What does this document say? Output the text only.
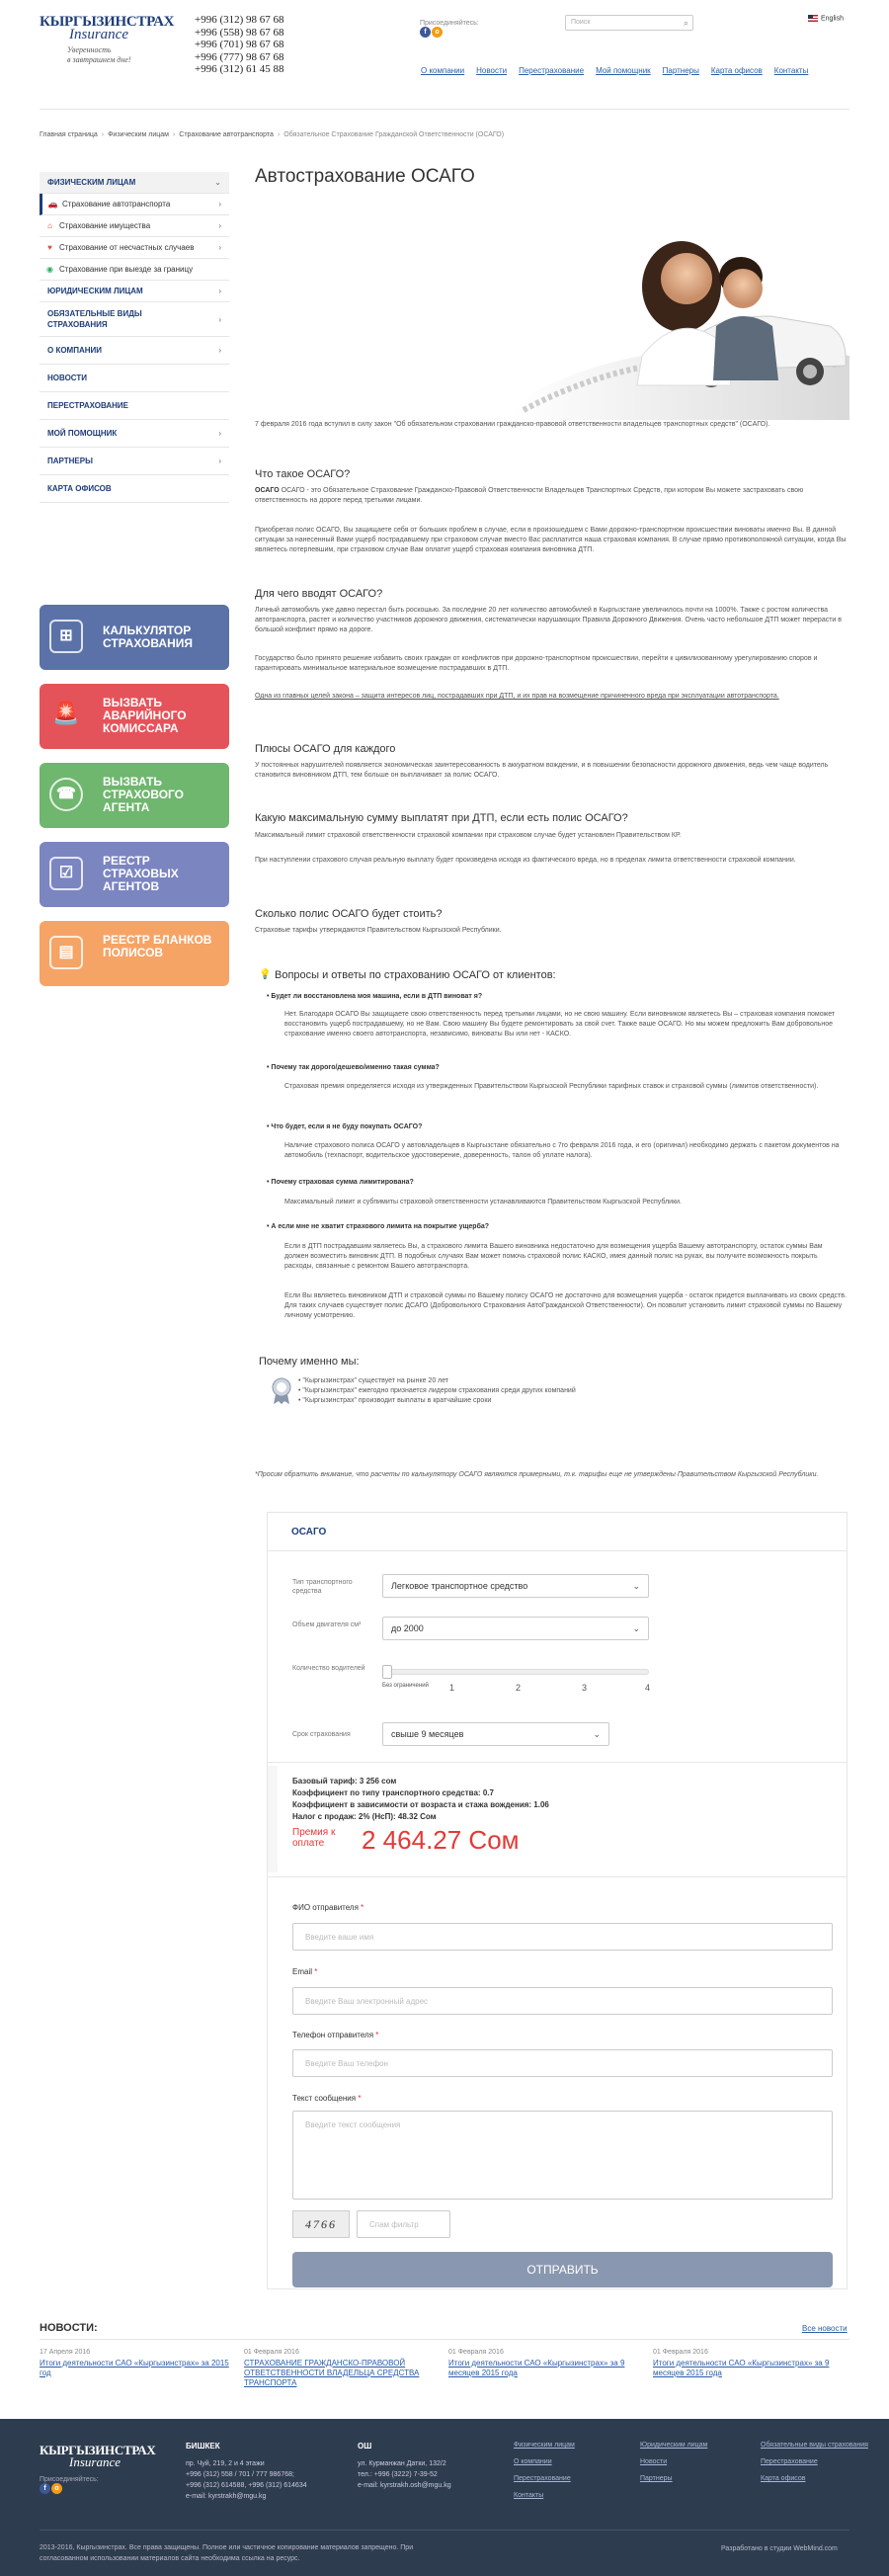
КЫРГЫЗИНСТРАХ
Insurance
Уверенность
в завтрашнем дне!
+996 (312) 98 67 68
+996 (558) 98 67 68
+996 (701) 98 67 68
+996 (777) 98 67 68
+996 (312) 61 45 88
Присоединяйтесь:
f o
Поиск	⌕	English
О компании Новости Перестрахование Мой помощник Партнеры Карта офисов Контакты
Главная страница › Физическим лицам › Страхование автотранспорта › Обязательное Страхование Гражданской Ответственности (ОСАГО)
ФИЗИЧЕСКИМ ЛИЦАМ	⌄
🚗 Страхование автотранспорта	›
⌂ Страхование имущества	›
♥ Страхование от несчастных случаев	›
◉ Страхование при выезде за границу
ЮРИДИЧЕСКИМ ЛИЦАМ	›
ОБЯЗАТЕЛЬНЫЕ ВИДЫ СТРАХОВАНИЯ
›
О КОМПАНИИ	›
НОВОСТИ
ПЕРЕСТРАХОВАНИЕ
МОЙ ПОМОЩНИК	›
ПАРТНЕРЫ	›
КАРТА ОФИСОВ
⊞	КАЛЬКУЛЯТОР СТРАХОВАНИЯ
🚨 ВЫЗВАТЬ АВАРИЙНОГО КОМИССАРА
☎
ВЫЗВАТЬ СТРАХОВОГО АГЕНТА
☑
РЕЕСТР СТРАХОВЫХ АГЕНТОВ
▤
РЕЕСТР БЛАНКОВ ПОЛИСОВ
Автострахование ОСАГО
7 февраля 2016 года вступил в силу закон "Об обязательном страховании гражданско-правовой ответственности владельцев транспортных средств" (ОСАГО).
Что такое ОСАГО?
ОСАГО ОСАГО - это Обязательное Страхование Гражданско-Правовой Ответственности Владельцев Транспортных Средств, при котором Вы можете застраховать свою ответственность на дороге перед третьими лицами.
Приобретая полис ОСАГО, Вы защищаете себя от больших проблем в случае, если в произошедшем с Вами дорожно-транспортном происшествии виноваты именно Вы. В данной ситуации за нанесенный Вами ущерб пострадавшему при страховом случае вместо Вас расплатится наша страховая компания. В случае прямо противоположной ситуации, когда Вы являетесь потерпевшим, при страховом случае Вам оплатит ущерб страховая компания виновника ДТП.
Для чего вводят ОСАГО?
Личный автомобиль уже давно перестал быть роскошью. За последние 20 лет количество автомобилей в Кыргызстане увеличилось почти на 1000%. Также с ростом количества автотранспорта, растет и количество участников дорожного движения, систематически нарушающих Правила Дорожного Движения. Очень часто небольшое ДТП может перерасти в большой конфликт прямо на дороге.
Государство было принято решение избавить своих граждан от конфликтов при дорожно-транспортном происшествии, перейти к цивилизованному урегулированию споров и гарантировать минимальное материальное возмещение пострадавших в ДТП.
Одна из главных целей закона – защита интересов лиц, пострадавших при ДТП, и их прав на возмещение причиненного вреда при эксплуатации автотранспорта.
Плюсы ОСАГО для каждого
У постоянных нарушителей появляется экономическая заинтересованность в аккуратном вождении, и в повышении безопасности дорожного движения, ведь чем чаще водитель становится виновником ДТП, тем больше он выплачивает за полис ОСАГО.
Какую максимальную сумму выплатят при ДТП, если есть полис ОСАГО?
Максимальный лимит страховой ответственности страховой компании при страховом случае будет установлен Правительством КР.
При наступлении страхового случая реальную выплату будет произведена исходя из фактического вреда, но в пределах лимита ответственности страховой компании.
Сколько полис ОСАГО будет стоить?
Страховые тарифы утверждаются Правительством Кыргызской Республики.
💡 Вопросы и ответы по страхованию ОСАГО от клиентов:
• Будет ли восстановлена моя машина, если в ДТП виноват я?
Нет. Благодаря ОСАГО Вы защищаете свою ответственность перед третьими лицами, но не свою машину. Если виновником являетесь Вы – страховая компания поможет восстановить ущерб пострадавшему, но не Вам. Свою машину Вы будете ремонтировать за свой счет. Также ваше ОСАГО. Но мы можем предложить Вам добровольное страхование именно своего автотранспорта, независимо, виноваты Вы или нет - КАСКО.
• Почему так дорого/дешево/именно такая сумма?
Страховая премия определяется исходя из утвержденных Правительством Кыргызской Республики тарифных ставок и страховой суммы (лимитов ответственности).
• Что будет, если я не буду покупать ОСАГО?
Наличие страхового полиса ОСАГО у автовладельцев в Кыргызстане обязательно с 7го февраля 2016 года, и его (оригинал) необходимо держать с пакетом документов на автомобиль (техпаспорт, водительское удостоверение, доверенность, талон об уплате налога).
• Почему страховая сумма лимитирована?
Максимальный лимит и субпимиты страховой ответственности устанавливаются Правительством Кыргызской Республики.
• А если мне не хватит страхового лимита на покрытие ущерба?
Если в ДТП пострадавшим являетесь Вы, а страхового лимита Вашего виновника недостаточно для возмещения ущерба Вашему автотранспорту, остаток суммы Вам должен возместить виновник ДТП. В подобных случаях Вам может помочь страховой полис КАСКО, имея данный полис на руках, вы получите возможность покрыть расходы, связанные с ремонтом Вашего автотранспорта.
Если Вы являетесь виновником ДТП и страховой суммы по Вашему полису ОСАГО не достаточно для возмещения ущерба - остаток придется выплачивать из своих средств. Для таких случаев существует полис ДСАГО (Добровольного Страхования АвтоГражданской Ответственности). Он позволит установить лимит страховой суммы по Вашему личному усмотрению.
Почему именно мы:
• "Кыргызинстрах" существует на рынке 20 лет
• "Кыргызинстрах" ежегодно признается лидером страхования среди других компаний
• "Кыргызинстрах" производит выплаты в кратчайшие сроки
*Просим обратить внимание, что расчеты по калькулятору ОСАГО являются примерными, т.к. тарифы еще не утверждены Правительством Кыргызской Республики.
ОСАГО
Тип транспортного средства
Легковое транспортное средство	⌄
Объем двигателя см³	до 2000	⌄
Количество водителей
Без ограничений 1	2	3	4
Срок страхования	свыше 9 месяцев	⌄
Базовый тариф: 3 256 сом
Коэффициент по типу транспортного средства: 0.7
Коэффициент в зависимости от возраста и стажа вождения: 1.06
Налог с продаж: 2% (НсП): 48.32 Сом
Премия к оплате	2 464.27 Сом
ФИО отправителя *
Введите ваше имя
Email *
Введите Ваш электронный адрес
Телефон отправителя *
Введите Ваш телефон
Текст сообщения *
Введите текст сообщения
4766	Спам фильтр
ОТПРАВИТЬ
НОВОСТИ:	Все новости
17 Апреля 2016
Итоги деятельности САО «Кыргызинстрах» за 2015 год
01 Февраля 2016
СТРАХОВАНИЕ ГРАЖДАНСКО-ПРАВОВОЙ ОТВЕТСТВЕННОСТИ ВЛАДЕЛЬЦА СРЕДСТВА ТРАНСПОРТА
01 Февраля 2016
Итоги деятельности САО «Кыргызинстрах» за 9 месяцев 2015 года
01 Февраля 2016
Итоги деятельности САО «Кыргызинстрах» за 9 месяцев 2015 года
КЫРГЫЗИНСТРАХ
Insurance
Присоединяйтесь:
f o
БИШКЕК
пр. Чуй, 219, 2 и 4 этажи
+996 (312) 558 / 701 / 777 986768;
+996 (312) 614588, +996 (312) 614634
e-mail: kyrstrakh@mgu.kg
ОШ
ул. Курманжан Датки, 132/2
тел.: +996 (3222) 7-39-52
e-mail: kyrstrakh.osh@mgu.kg
Физическим лицам
О компании
Перестрахование
Контакты
Юридическим лицам
Новости
Партнеры
Обязательные виды страхования
Перестрахование
Карта офисов
2013-2016, Кыргызинстрах. Все права защищены. Полное или частичное копирование материалов запрещено. При согласованном использовании материалов сайта необходима ссылка на ресурс.
Разработано в студии WebMind.com
